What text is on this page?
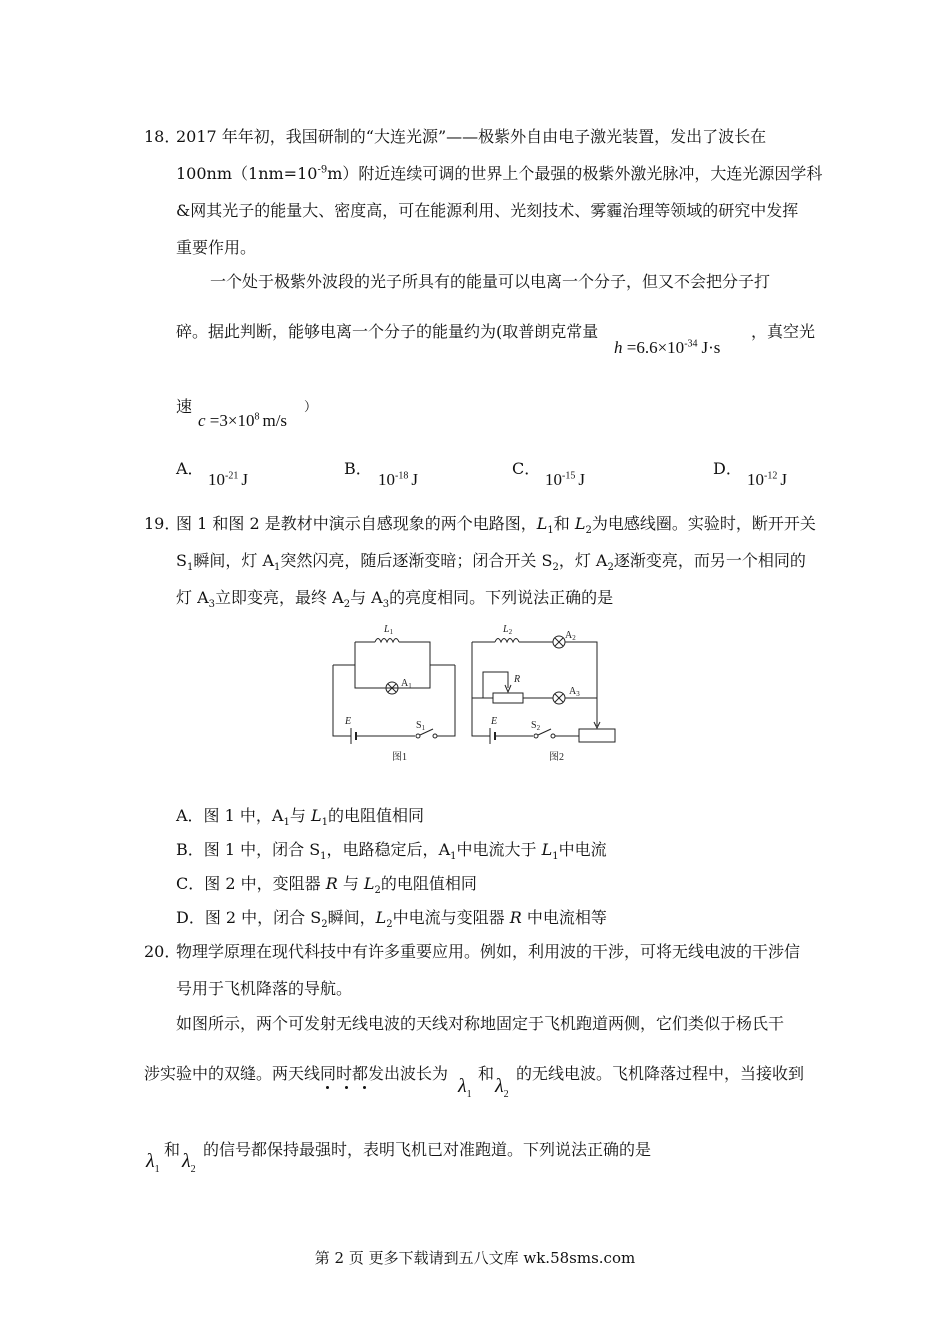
18．
2017 年年初，我国研制的“大连光源”——极紫外自由电子激光装置，发出了波长在
$100nm(1nm=10^{-9}m)$附近连续可调的世界上个最强的极紫外激光脉冲，大连光源因学科
&网其光子的能量大、密度高，可在能源利用、光刻技术、雾霾治理等领域的研究中发挥
重要作用。
一个处于极紫外波段的光子所具有的能量可以电离一个分子，但又不会把分子打
碎。据此判断，能够电离一个分子的能量约为(取普朗克常量
$h =6.6\times 10^{-34}$ J·s
，真空光
速
$c =3\times 10^8$ m/s
）
A．
$10^{-21}$ J
B．
$10^{-18}$ J
C．
$10^{-15}$ J
D．
$10^{-12}$ J
19．
图 1 和图 2 是教材中演示自感现象的两个电路图，$L_1$和 $L_2$为电感线圈。实验时，断开开关
$S_1$瞬间，灯 $A_1$突然闪亮，随后逐渐变暗；闭合开关 $S_2$，灯 $A_2$逐渐变亮，而另一个相同的
灯 $A_3$立即变亮，最终 $A_2$与 $A_3$的亮度相同。下列说法正确的是
$L_1$
$A_1$
E	$S_1$
图1
$L_2$	$A_2$
R
$A_3$
E	$S_2$
图2
A．图 1 中，$A_1$与 $L_1$的电阻值相同
B．图 1 中，闭合 $S_1$，电路稳定后，$A_1$中电流大于 $L_1$中电流
C．图 2 中，变阻器 R 与 $L_2$的电阻值相同
D．图 2 中，闭合 $S_2$瞬间，$L_2$中电流与变阻器 R 中电流相等
20．
物理学原理在现代科技中有许多重要应用。例如，利用波的干涉，可将无线电波的干涉信
号用于飞机降落的导航。
如图所示，两个可发射无线电波的天线对称地固定于飞机跑道两侧，它们类似于杨氏干
涉实验中的双缝。两天线同时都发出波长为
$\lambda_1$
和
$\lambda_2$
的无线电波。飞机降落过程中，当接收到
$\lambda_1$
和
$\lambda_2$
的信号都保持最强时，表明飞机已对准跑道。下列说法正确的是
第 2 页 更多下载请到五八文库 wk.58sms.com
